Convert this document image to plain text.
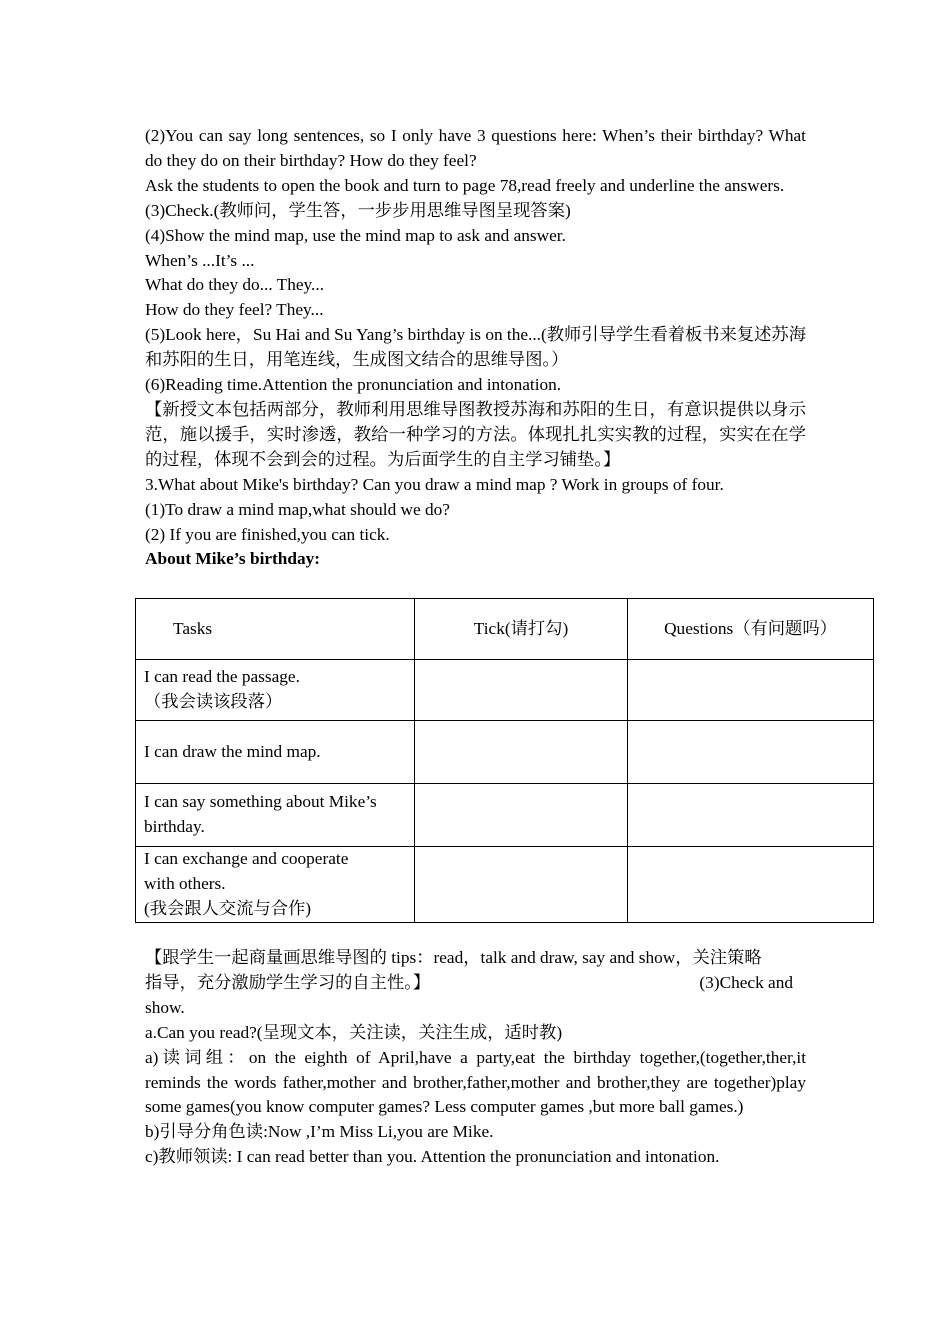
(2)You can say long sentences, so I only have 3 questions here: When’s their birthday? What do they do on their birthday? How do they feel?

Ask the students to open the book and turn to page 78,read freely and underline the answers.

(3)Check.(教师问，学生答，一步步用思维导图呈现答案)

(4)Show the mind map, use the mind map to ask and answer.

When’s ...It’s ...

What do they do... They...

How do they feel? They...

(5)Look here，Su Hai and Su Yang’s birthday is on the...(教师引导学生看着板书来复述苏海和苏阳的生日，用笔连线，生成图文结合的思维导图。）

(6)Reading time.Attention the pronunciation and intonation.

【新授文本包括两部分，教师利用思维导图教授苏海和苏阳的生日，有意识提供以身示范，施以援手，实时渗透，教给一种学习的方法。体现扎扎实实教的过程，实实在在学的过程，体现不会到会的过程。为后面学生的自主学习铺垫。】

3.What about Mike's birthday? Can you draw a mind map ? Work in groups of four.

(1)To draw a mind map,what should we do?

(2) If you are finished,you can tick.

About Mike’s birthday:

Tasks	Tick(请打勾)	Questions（有问题吗）

I can read the passage.
（我会读该段落）		

I can draw the mind map.		

I can say something about Mike’s
birthday.		

I can exchange and cooperate
with others.
(我会跟人交流与合作)		

【跟学生一起商量画思维导图的 tips：read，talk and draw, say and show，关注策略

指导，充分激励学生学习的自主性。】	(3)Check and

show.

a.Can you read?(呈现文本，关注读，关注生成，适时教)

a)读词组：on the eighth of April,have a party,eat the birthday together,(together,ther,it reminds the words father,mother and brother,father,mother and brother,they are together)play some games(you know computer games? Less computer games ,but more ball games.)

b)引导分角色读:Now ,I’m Miss Li,you are Mike.

c)教师领读: I can read better than you. Attention the pronunciation and intonation.
